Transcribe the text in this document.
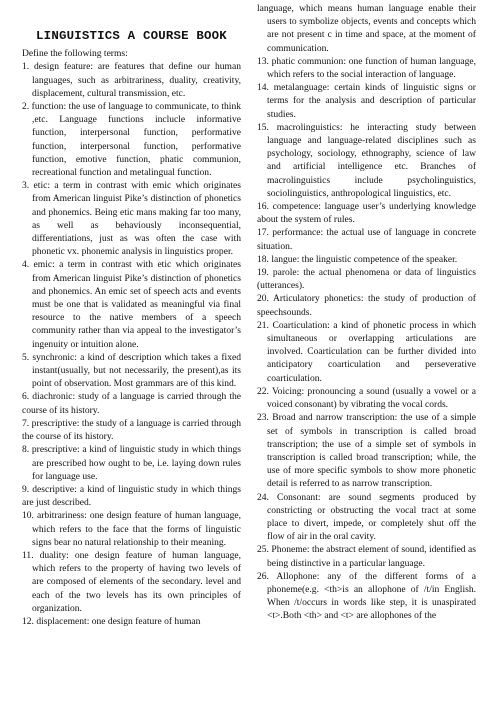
LINGUISTICS A COURSE BOOK

Define the following terms:

1. design feature: are features that define our human languages, such as arbitrariness, duality, creativity, displacement, cultural transmission, etc.

2. function: the use of language to communicate, to think ,etc. Language functions inclucle informative function, interpersonal function, performative function, interpersonal function, performative function, emotive function, phatic communion, recreational function and metalingual function.

3. etic: a term in contrast with emic which originates from American linguist Pike’s distinction of phonetics and phonemics. Being etic mans making far too many, as well as behaviously inconsequential, differentiations, just as was often the case with phonetic vx. phonemic analysis in linguistics proper.

4. emic: a term in contrast with etic which originates from American linguist Pike’s distinction of phonetics and phonemics. An emic set of speech acts and events must be one that is validated as meaningful via final resource to the native members of a speech community rather than via appeal to the investigator’s ingenuity or intuition alone.

5. synchronic: a kind of description which takes a fixed instant(usually, but not necessarily, the present),as its point of observation. Most grammars are of this kind.

6. diachronic: study of a language is carried through the course of its history.

7. prescriptive: the study of a language is carried through the course of its history.

8. prescriptive: a kind of linguistic study in which things are prescribed how ought to be, i.e. laying down rules for language use.

9. descriptive: a kind of linguistic study in which things are just described.

10. arbitrariness: one design feature of human language, which refers to the face that the forms of linguistic signs bear no natural relationship to their meaning.

11. duality: one design feature of human language, which refers to the property of having two levels of are composed of elements of the secondary. level and each of the two levels has its own principles of organization.

12. displacement: one design feature of human

language, which means human language enable their users to symbolize objects, events and concepts which are not present c in time and space, at the moment of communication.

13. phatic communion: one function of human language, which refers to the social interaction of language.

14. metalanguage: certain kinds of linguistic signs or terms for the analysis and description of particular studies.

15. macrolinguistics: he interacting study between language and language-related disciplines such as psychology, sociology, ethnography, science of law and artificial intelligence etc. Branches of macrolinguistics include psycholinguistics, sociolinguistics, anthropological linguistics, etc.

16. competence: language user’s underlying knowledge about the system of rules.

17. performance: the actual use of language in concrete situation.

18. langue: the linguistic competence of the speaker.

19. parole: the actual phenomena or data of linguistics (utterances).

20. Articulatory phonetics: the study of production of speechsounds.

21. Coarticulation: a kind of phonetic process in which simultaneous or overlapping articulations are involved. Coarticulation can be further divided into anticipatory coarticulation and perseverative coarticulation.

22. Voicing: pronouncing a sound (usually a vowel or a voiced consonant) by vibrating the vocal cords.

23. Broad and narrow transcription: the use of a simple set of symbols in transcription is called broad transcription; the use of a simple set of symbols in transcription is called broad transcription; while, the use of more specific symbols to show more phonetic detail is referred to as narrow transcription.

24. Consonant: are sound segments produced by constricting or obstructing the vocal tract at some place to divert, impede, or completely shut off the flow of air in the oral cavity.

25. Phoneme: the abstract element of sound, identified as being distinctive in a particular language.

26. Allophone: any of the different forms of a phoneme(e.g. <th>is an allophone of /t/in English. When /t/occurs in words like step, it is unaspirated <t>.Both <th> and <t> are allophones of the
